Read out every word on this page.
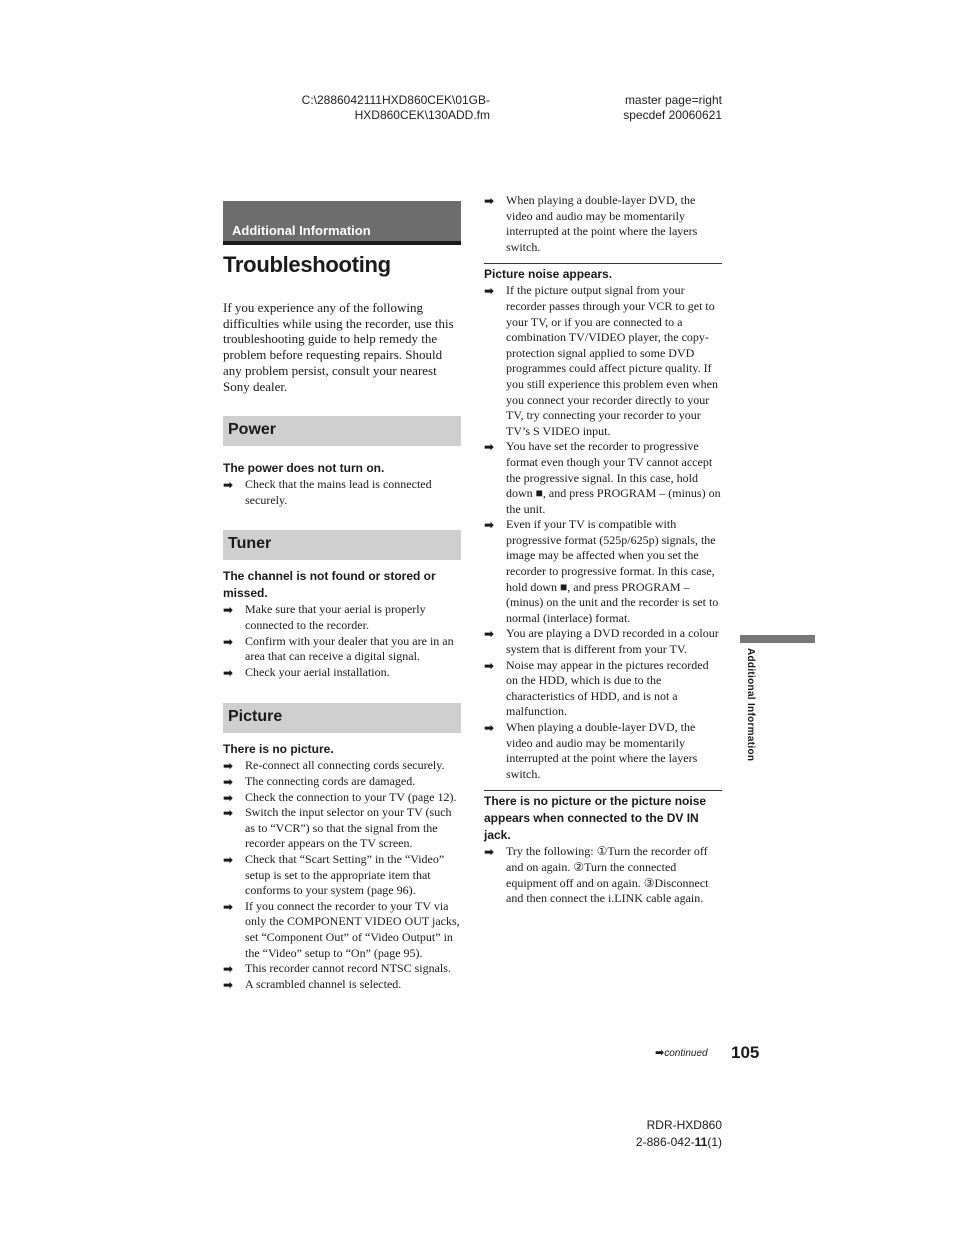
C:\2886042111HXD860CEK\01GB-
HXD860CEK\130ADD.fm
master page=right
specdef 20060621
Additional Information
Troubleshooting

If you experience any of the following difficulties while using the recorder, use this troubleshooting guide to help remedy the problem before requesting repairs. Should any problem persist, consult your nearest Sony dealer.

Power

The power does not turn on.

➡ Check that the mains lead is connected securely.
Tuner

The channel is not found or stored or missed.

➡ Make sure that your aerial is properly connected to the recorder.
➡ Confirm with your dealer that you are in an area that can receive a digital signal.
➡ Check your aerial installation.
Picture

There is no picture.

➡ Re-connect all connecting cords securely.
➡ The connecting cords are damaged.
➡ Check the connection to your TV (page 12).
➡ Switch the input selector on your TV (such as to “VCR”) so that the signal from the recorder appears on the TV screen.
➡ Check that “Scart Setting” in the “Video” setup is set to the appropriate item that conforms to your system (page 96).
➡ If you connect the recorder to your TV via only the COMPONENT VIDEO OUT jacks, set “Component Out” of “Video Output” in the “Video” setup to “On” (page 95).
➡ This recorder cannot record NTSC signals.
➡ A scrambled channel is selected.
➡ When playing a double-layer DVD, the video and audio may be momentarily interrupted at the point where the layers switch.

Picture noise appears.

➡ If the picture output signal from your recorder passes through your VCR to get to your TV, or if you are connected to a combination TV/VIDEO player, the copy-protection signal applied to some DVD programmes could affect picture quality. If you still experience this problem even when you connect your recorder directly to your TV, try connecting your recorder to your TV’s S VIDEO input.
➡ You have set the recorder to progressive format even though your TV cannot accept the progressive signal. In this case, hold down ■, and press PROGRAM – (minus) on the unit.
➡ Even if your TV is compatible with progressive format (525p/625p) signals, the image may be affected when you set the recorder to progressive format. In this case, hold down ■, and press PROGRAM – (minus) on the unit and the recorder is set to normal (interlace) format.
➡ You are playing a DVD recorded in a colour system that is different from your TV.
➡ Noise may appear in the pictures recorded on the HDD, which is due to the characteristics of HDD, and is not a malfunction.
➡ When playing a double-layer DVD, the video and audio may be momentarily interrupted at the point where the layers switch.

There is no picture or the picture noise appears when connected to the DV IN jack.

➡ Try the following: ①Turn the recorder off and on again. ②Turn the connected equipment off and on again. ③Disconnect and then connect the i.LINK cable again.
Additional Information
➡continued 105
RDR-HXD860
2-886-042-11(1)
